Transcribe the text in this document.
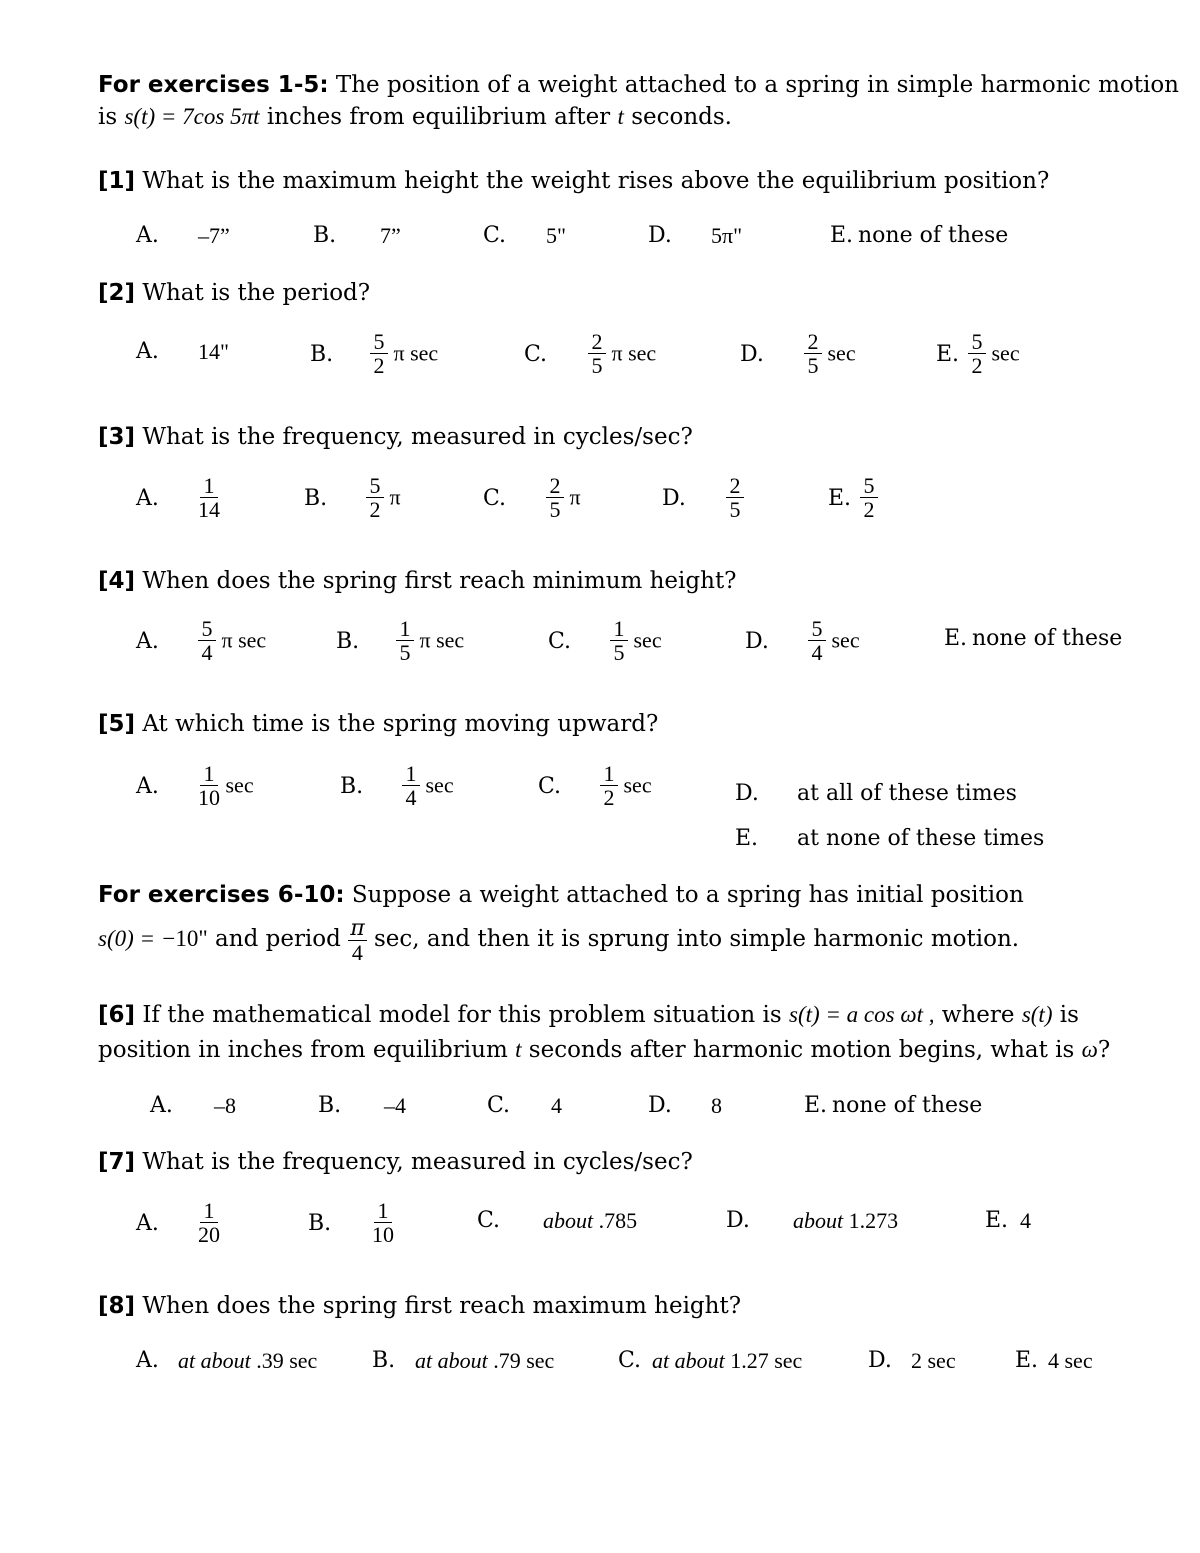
For exercises 1-5: The position of a weight attached to a spring in simple harmonic motion
is s(t) = 7cos 5πt inches from equilibrium after t seconds.
[1] What is the maximum height the weight rises above the equilibrium position?
A. –7”	B. 7”	C. 5"	D. 5π"	E. none of these
[2] What is the period?
A. 14"	B. $\frac{5}{2}$ π sec	C. $\frac{2}{5}$ π sec	D. $\frac{2}{5}$ sec	E. $\frac{5}{2}$ sec
[3] What is the frequency, measured in cycles/sec?
A. $\frac{1}{14}$	B. $\frac{5}{2}$ π	C. $\frac{2}{5}$ π	D. $\frac{2}{5}$	E. $\frac{5}{2}$
[4] When does the spring first reach minimum height?
A. $\frac{5}{4}$ π sec	B. $\frac{1}{5}$ π sec	C. $\frac{1}{5}$ sec	D. $\frac{5}{4}$ sec	E. none of these
[5] At which time is the spring moving upward?
A. $\frac{1}{10}$ sec	B. $\frac{1}{4}$ sec	C. $\frac{1}{2}$ sec	D. at all of these times
E. at none of these times
For exercises 6-10: Suppose a weight attached to a spring has initial position
s(0) = −10" and period $\frac{\pi}{4} \sec$, and then it is sprung into simple harmonic motion.
[6] If the mathematical model for this problem situation is s(t) = a cos ωt , where s(t) is
position in inches from equilibrium t seconds after harmonic motion begins, what is ω?
A. –8	B. –4	C. 4	D. 8	E. none of these
[7] What is the frequency, measured in cycles/sec?
A. $\frac{1}{20}$	B. $\frac{1}{10}$	C. about .785	D. about 1.273	E. 4
[8] When does the spring first reach maximum height?
A. at about .39 sec B. at about .79 sec	C. at about 1.27 sec	D. 2 sec	E. 4 sec
